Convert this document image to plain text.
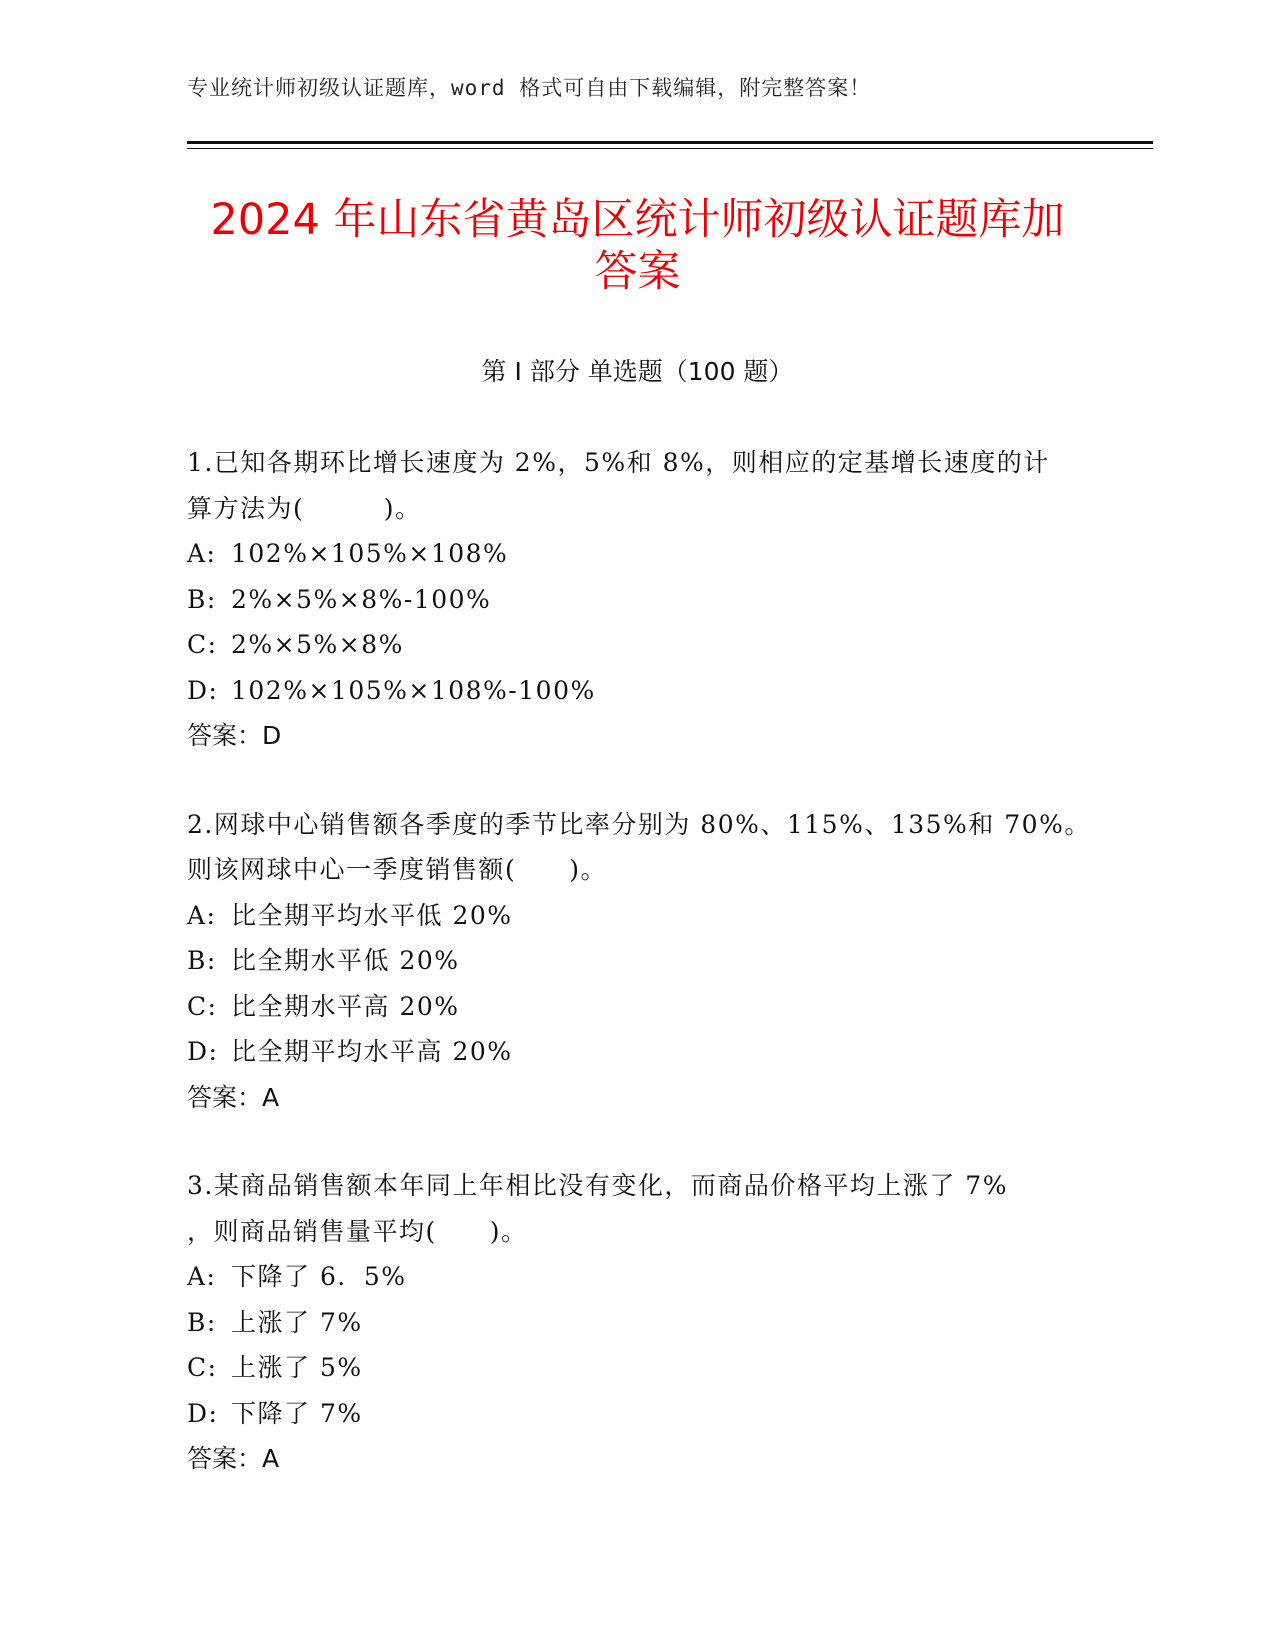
专业统计师初级认证题库，word 格式可自由下载编辑，附完整答案！
2024 年山东省黄岛区统计师初级认证题库加
答案
第 I 部分 单选题（100 题）
1.已知各期环比增长速度为 2%，5%和 8%，则相应的定基增长速度的计
算方法为(　　　)。
A: 102%×105%×108%
B: 2%×5%×8%-100%
C: 2%×5%×8%
D: 102%×105%×108%-100%
答案：D
2.网球中心销售额各季度的季节比率分别为 80%、115%、135%和 70%。
则该网球中心一季度销售额(　　)。
A: 比全期平均水平低 20%
B: 比全期水平低 20%
C: 比全期水平高 20%
D: 比全期平均水平高 20%
答案：A
3.某商品销售额本年同上年相比没有变化，而商品价格平均上涨了 7%
，则商品销售量平均(　　)。
A: 下降了 6．5%
B: 上涨了 7%
C: 上涨了 5%
D: 下降了 7%
答案：A
